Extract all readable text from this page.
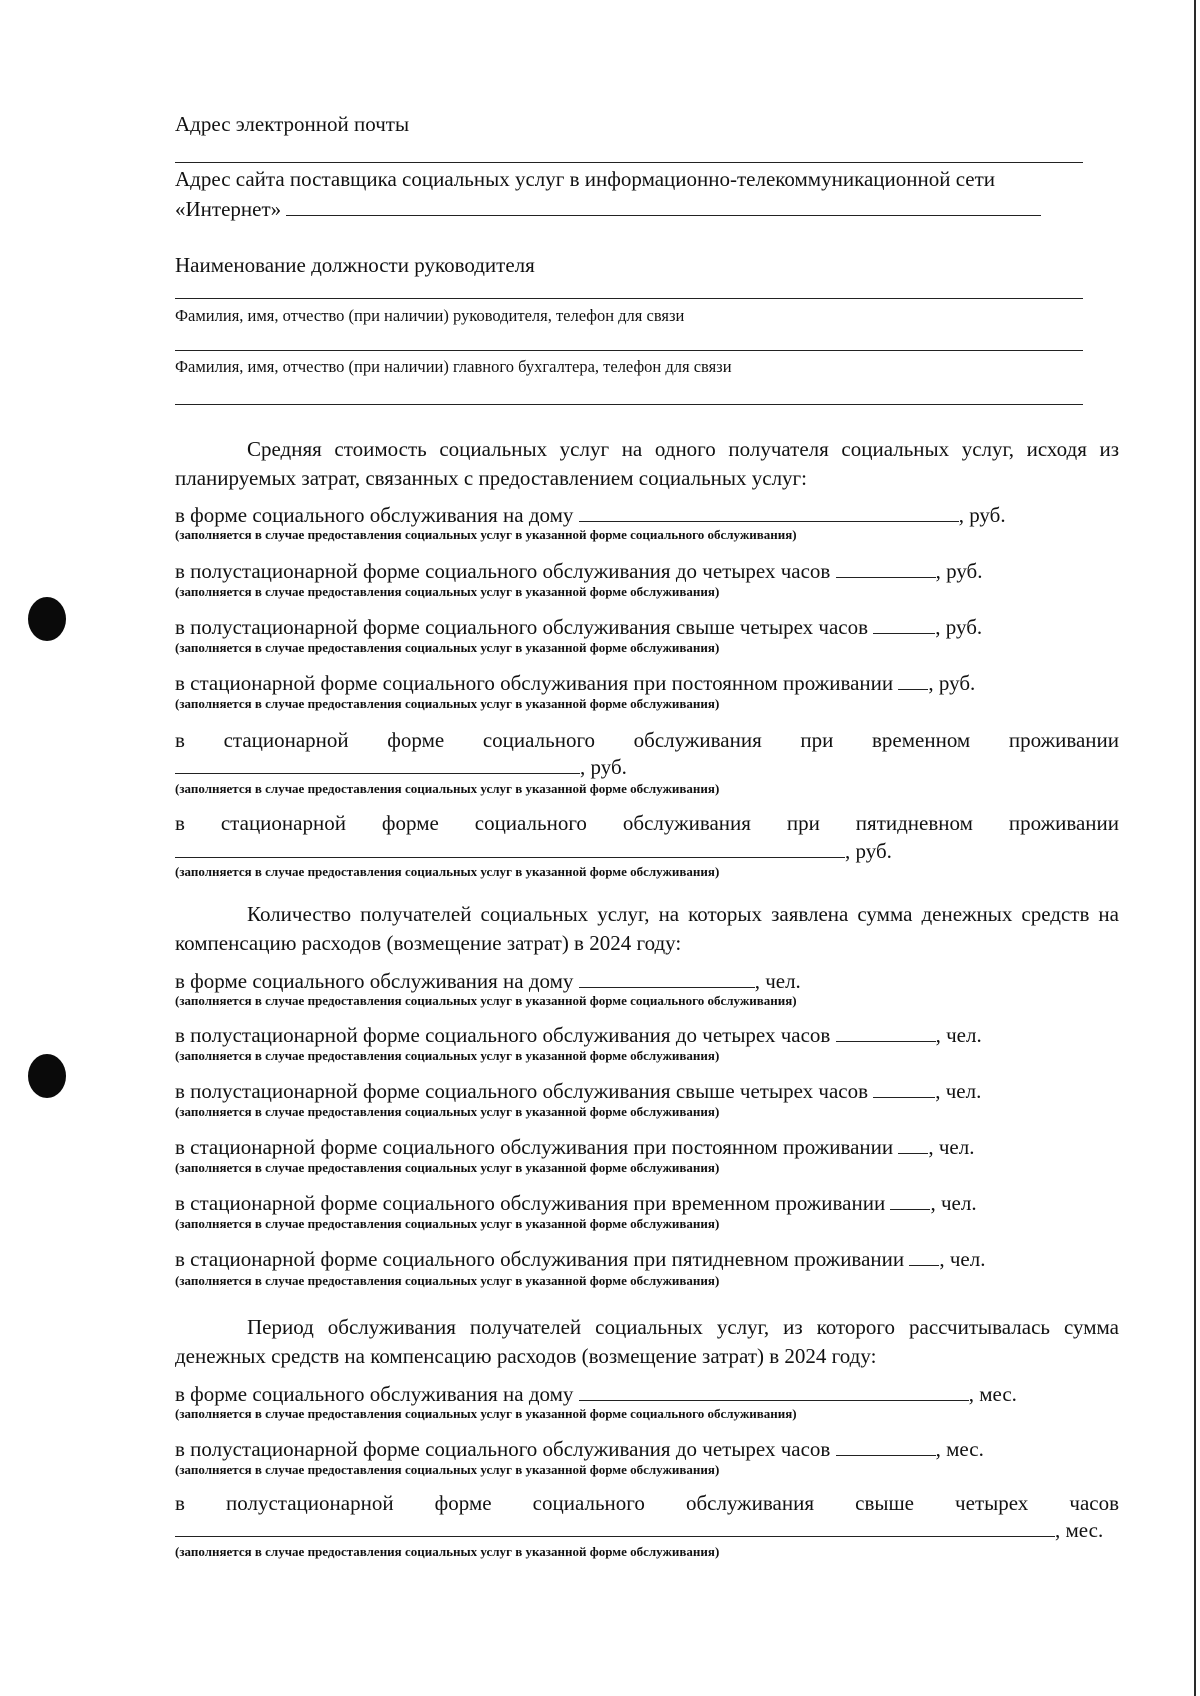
Адрес электронной почты
Адрес сайта поставщика социальных услуг в информационно-телекоммуникационной сети
«Интернет»
Наименование должности руководителя
Фамилия, имя, отчество (при наличии) руководителя, телефон для связи
Фамилия, имя, отчество (при наличии) главного бухгалтера, телефон для связи
Средняя стоимость социальных услуг на одного получателя социальных услуг, исходя из планируемых затрат, связанных с предоставлением социальных услуг:
в форме социального обслуживания на дому	, руб.
(заполняется в случае предоставления социальных услуг в указанной форме социального обслуживания)
в полустационарной форме социального обслуживания до четырех часов	, руб.
(заполняется в случае предоставления социальных услуг в указанной форме обслуживания)
в полустационарной форме социального обслуживания свыше четырех часов	, руб.
(заполняется в случае предоставления социальных услуг в указанной форме обслуживания)
в стационарной форме социального обслуживания при постоянном проживании , руб.
(заполняется в случае предоставления социальных услуг в указанной форме обслуживания)
в стационарной форме социального обслуживания при временном проживании
, руб.
(заполняется в случае предоставления социальных услуг в указанной форме обслуживания)
в стационарной форме социального обслуживания при пятидневном проживании
, руб.
(заполняется в случае предоставления социальных услуг в указанной форме обслуживания)
Количество получателей социальных услуг, на которых заявлена сумма денежных средств на компенсацию расходов (возмещение затрат) в 2024 году:
в форме социального обслуживания на дому	, чел.
(заполняется в случае предоставления социальных услуг в указанной форме социального обслуживания)
в полустационарной форме социального обслуживания до четырех часов	, чел.
(заполняется в случае предоставления социальных услуг в указанной форме обслуживания)
в полустационарной форме социального обслуживания свыше четырех часов	, чел.
(заполняется в случае предоставления социальных услуг в указанной форме обслуживания)
в стационарной форме социального обслуживания при постоянном проживании , чел.
(заполняется в случае предоставления социальных услуг в указанной форме обслуживания)
в стационарной форме социального обслуживания при временном проживании , чел.
(заполняется в случае предоставления социальных услуг в указанной форме обслуживания)
в стационарной форме социального обслуживания при пятидневном проживании , чел.
(заполняется в случае предоставления социальных услуг в указанной форме обслуживания)
Период обслуживания получателей социальных услуг, из которого рассчитывалась сумма денежных средств на компенсацию расходов (возмещение затрат) в 2024 году:
в форме социального обслуживания на дому	, мес.
(заполняется в случае предоставления социальных услуг в указанной форме социального обслуживания)
в полустационарной форме социального обслуживания до четырех часов	, мес.
(заполняется в случае предоставления социальных услуг в указанной форме обслуживания)
в полустационарной форме социального обслуживания свыше четырех часов
, мес.
(заполняется в случае предоставления социальных услуг в указанной форме обслуживания)
